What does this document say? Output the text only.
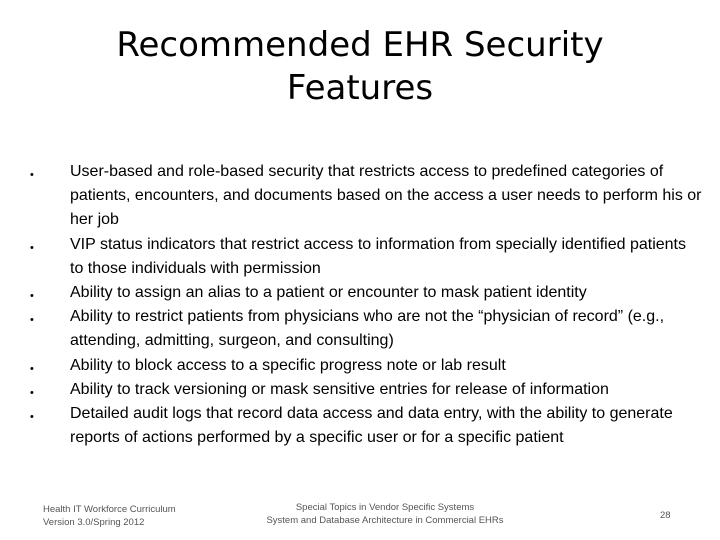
Recommended EHR Security
Features
• User-based and role-based security that restricts access to predefined categories of patients, encounters, and documents based on the access a user needs to perform his or her job
• VIP status indicators that restrict access to information from specially identified patients to those individuals with permission
• Ability to assign an alias to a patient or encounter to mask patient identity
• Ability to restrict patients from physicians who are not the “physician of record” (e.g., attending, admitting, surgeon, and consulting)
• Ability to block access to a specific progress note or lab result
• Ability to track versioning or mask sensitive entries for release of information
• Detailed audit logs that record data access and data entry, with the ability to generate reports of actions performed by a specific user or for a specific patient
Health IT Workforce Curriculum
Version 3.0/Spring 2012
Special Topics in Vendor Specific Systems
System and Database Architecture in Commercial EHRs	28
